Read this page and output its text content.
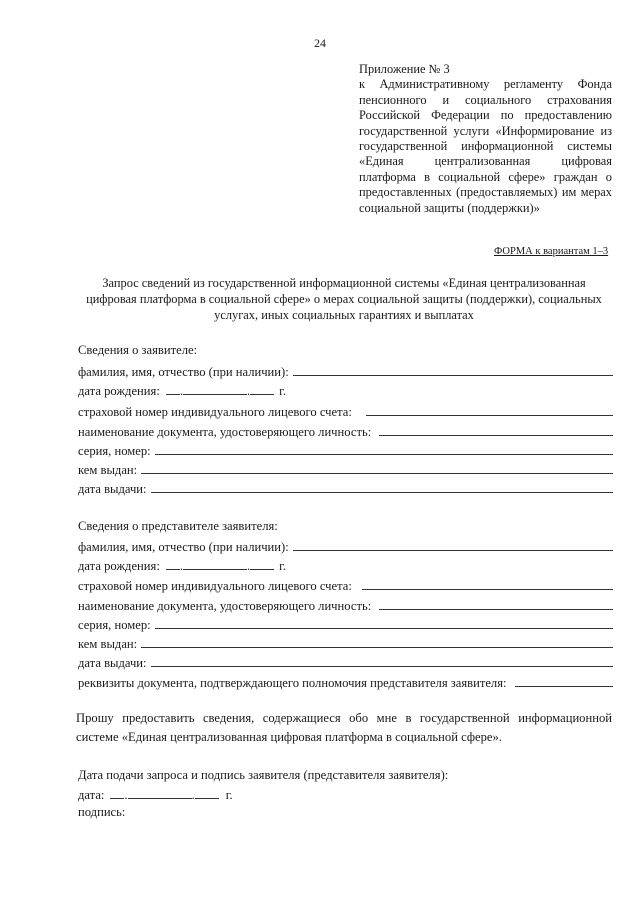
24
Приложение № 3
к Административному регламенту Фонда пенсионного и социального страхования Российской Федерации по предоставлению государственной услуги «Информирование из государственной информационной системы «Единая централизованная цифровая платформа в социальной сфере» граждан о предоставленных (предоставляемых) им мерах социальной защиты (поддержки)»
ФОРМА к вариантам 1–3
Запрос сведений из государственной информационной системы «Единая централизованная цифровая платформа в социальной сфере» о мерах социальной защиты (поддержки), социальных услугах, иных социальных гарантиях и выплатах
Сведения о заявителе:
фамилия, имя, отчество (при наличии):
дата рождения: .	. г.
страховой номер индивидуального лицевого счета:
наименование документа, удостоверяющего личность:
серия, номер:
кем выдан:
дата выдачи:
Сведения о представителе заявителя:
фамилия, имя, отчество (при наличии):
дата рождения: .	. г.
страховой номер индивидуального лицевого счета:
наименование документа, удостоверяющего личность:
серия, номер:
кем выдан:
дата выдачи:
реквизиты документа, подтверждающего полномочия представителя заявителя:
Прошу предоставить сведения, содержащиеся обо мне в государственной информационной системе «Единая централизованная цифровая платформа в социальной сфере».
Дата подачи запроса и подпись заявителя (представителя заявителя):
дата: .	. г.
подпись:
